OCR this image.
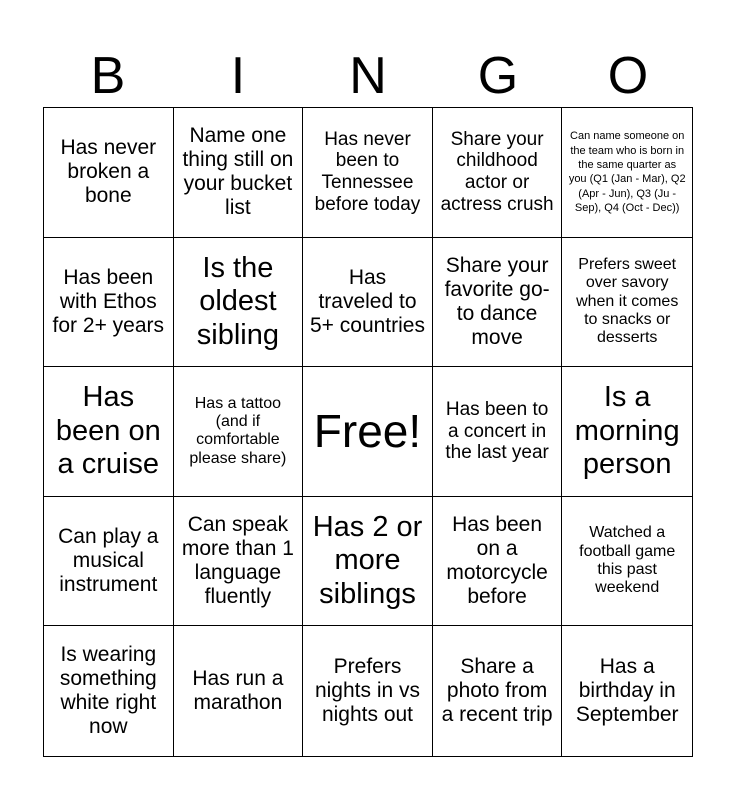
B	I	N	G	O
Has never broken a bone
Name one thing still on your bucket list
Has never been to Tennessee before today
Share your childhood actor or actress crush
Can name someone on the team who is born in the same quarter as you (Q1 (Jan - Mar), Q2 (Apr - Jun), Q3 (Ju - Sep), Q4 (Oct - Dec))
Has been with Ethos for 2+ years
Is the oldest sibling
Has traveled to 5+ countries
Share your favorite go-to dance move
Prefers sweet over savory when it comes to snacks or desserts
Has been on a cruise
Has a tattoo (and if comfortable please share)
Free!	Has been to a concert in the last year
Is a morning person
Can play a musical instrument
Can speak more than 1 language fluently
Has 2 or more siblings
Has been on a motorcycle before
Watched a football game this past weekend
Is wearing something white right now
Has run a marathon
Prefers nights in vs nights out
Share a photo from a recent trip
Has a birthday in September
